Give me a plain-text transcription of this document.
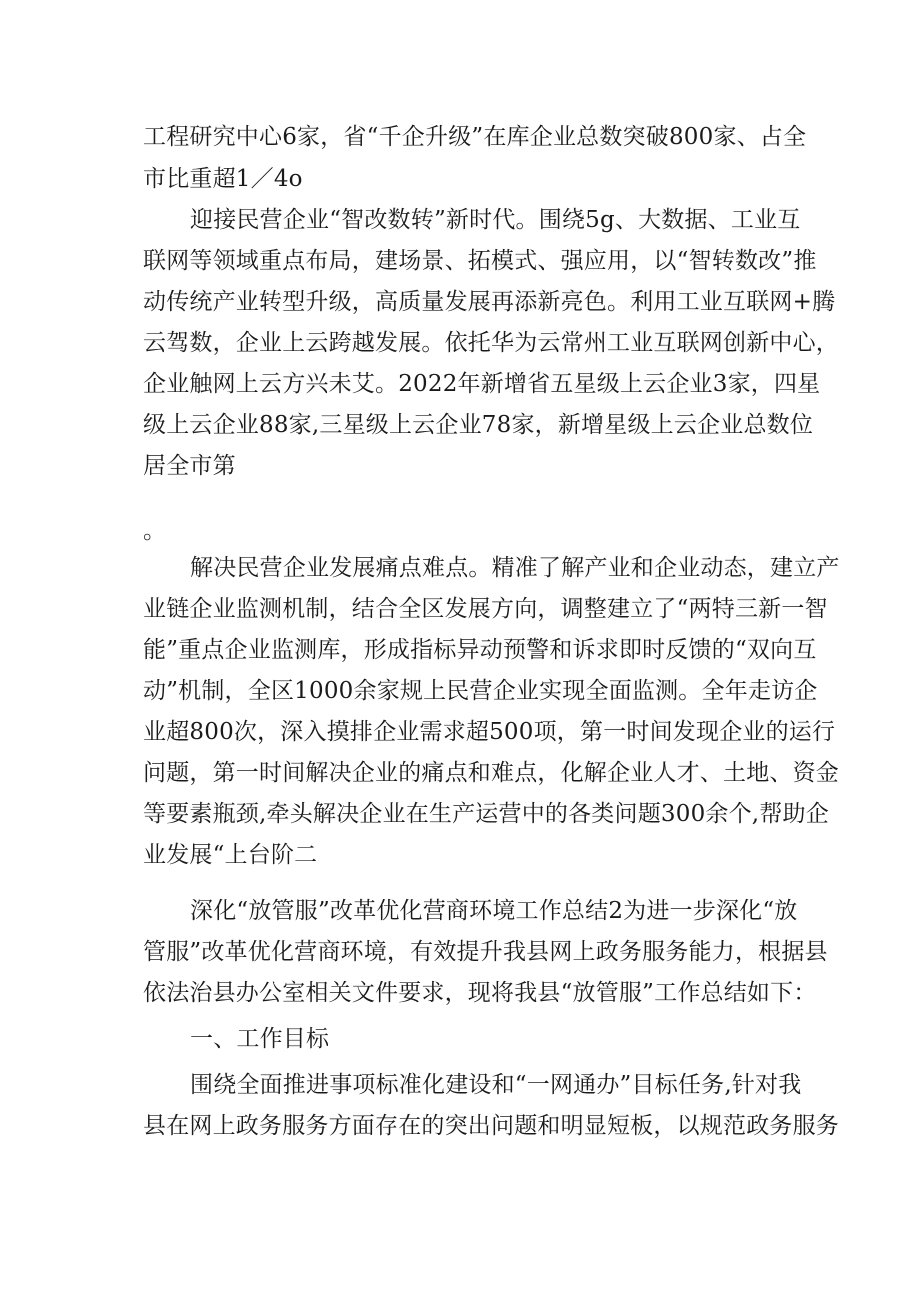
工程研究中心6家，省“千企升级”在库企业总数突破800家、占全
市比重超1／4o
迎接民营企业“智改数转”新时代。围绕5g、大数据、工业互
联网等领域重点布局，建场景、拓模式、强应用，以“智转数改”推
动传统产业转型升级，高质量发展再添新亮色。利用工业互联网+腾
云驾数，企业上云跨越发展。依托华为云常州工业互联网创新中心，
企业触网上云方兴未艾。2022年新增省五星级上云企业3家，四星
级上云企业88家,三星级上云企业78家，新增星级上云企业总数位
居全市第
。
解决民营企业发展痛点难点。精准了解产业和企业动态，建立产
业链企业监测机制，结合全区发展方向，调整建立了“两特三新一智
能”重点企业监测库，形成指标异动预警和诉求即时反馈的“双向互
动”机制，全区1000余家规上民营企业实现全面监测。全年走访企
业超800次，深入摸排企业需求超500项，第一时间发现企业的运行
问题，第一时间解决企业的痛点和难点，化解企业人才、土地、资金
等要素瓶颈,牵头解决企业在生产运营中的各类问题300余个,帮助企
业发展“上台阶二
深化“放管服”改革优化营商环境工作总结2为进一步深化“放
管服”改革优化营商环境，有效提升我县网上政务服务能力，根据县
依法治县办公室相关文件要求，现将我县“放管服”工作总结如下：
一、工作目标
围绕全面推进事项标准化建设和“一网通办”目标任务,针对我
县在网上政务服务方面存在的突出问题和明显短板，以规范政务服务
